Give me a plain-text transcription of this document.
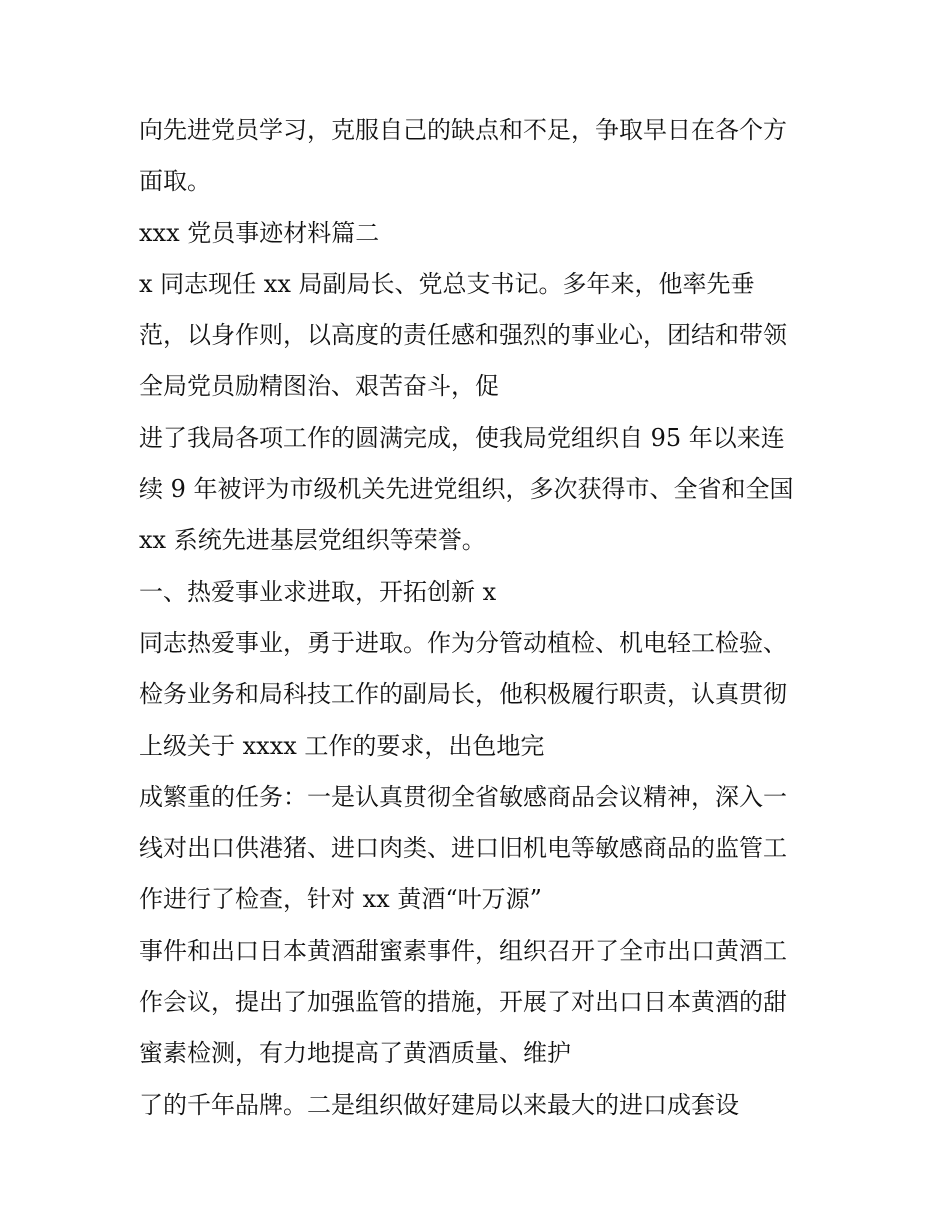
向先进党员学习，克服自己的缺点和不足，争取早日在各个方
面取。
xxx 党员事迹材料篇二
x 同志现任 xx 局副局长、党总支书记。多年来，他率先垂
范，以身作则，以高度的责任感和强烈的事业心，团结和带领
全局党员励精图治、艰苦奋斗，促
进了我局各项工作的圆满完成，使我局党组织自 95 年以来连
续 9 年被评为市级机关先进党组织，多次获得市、全省和全国
xx 系统先进基层党组织等荣誉。
一、热爱事业求进取，开拓创新 x
同志热爱事业，勇于进取。作为分管动植检、机电轻工检验、
检务业务和局科技工作的副局长，他积极履行职责，认真贯彻
上级关于 xxxx 工作的要求，出色地完
成繁重的任务：一是认真贯彻全省敏感商品会议精神，深入一
线对出口供港猪、进口肉类、进口旧机电等敏感商品的监管工
作进行了检查，针对 xx 黄酒“叶万源”
事件和出口日本黄酒甜蜜素事件，组织召开了全市出口黄酒工
作会议，提出了加强监管的措施，开展了对出口日本黄酒的甜
蜜素检测，有力地提高了黄酒质量、维护
了的千年品牌。二是组织做好建局以来最大的进口成套设
